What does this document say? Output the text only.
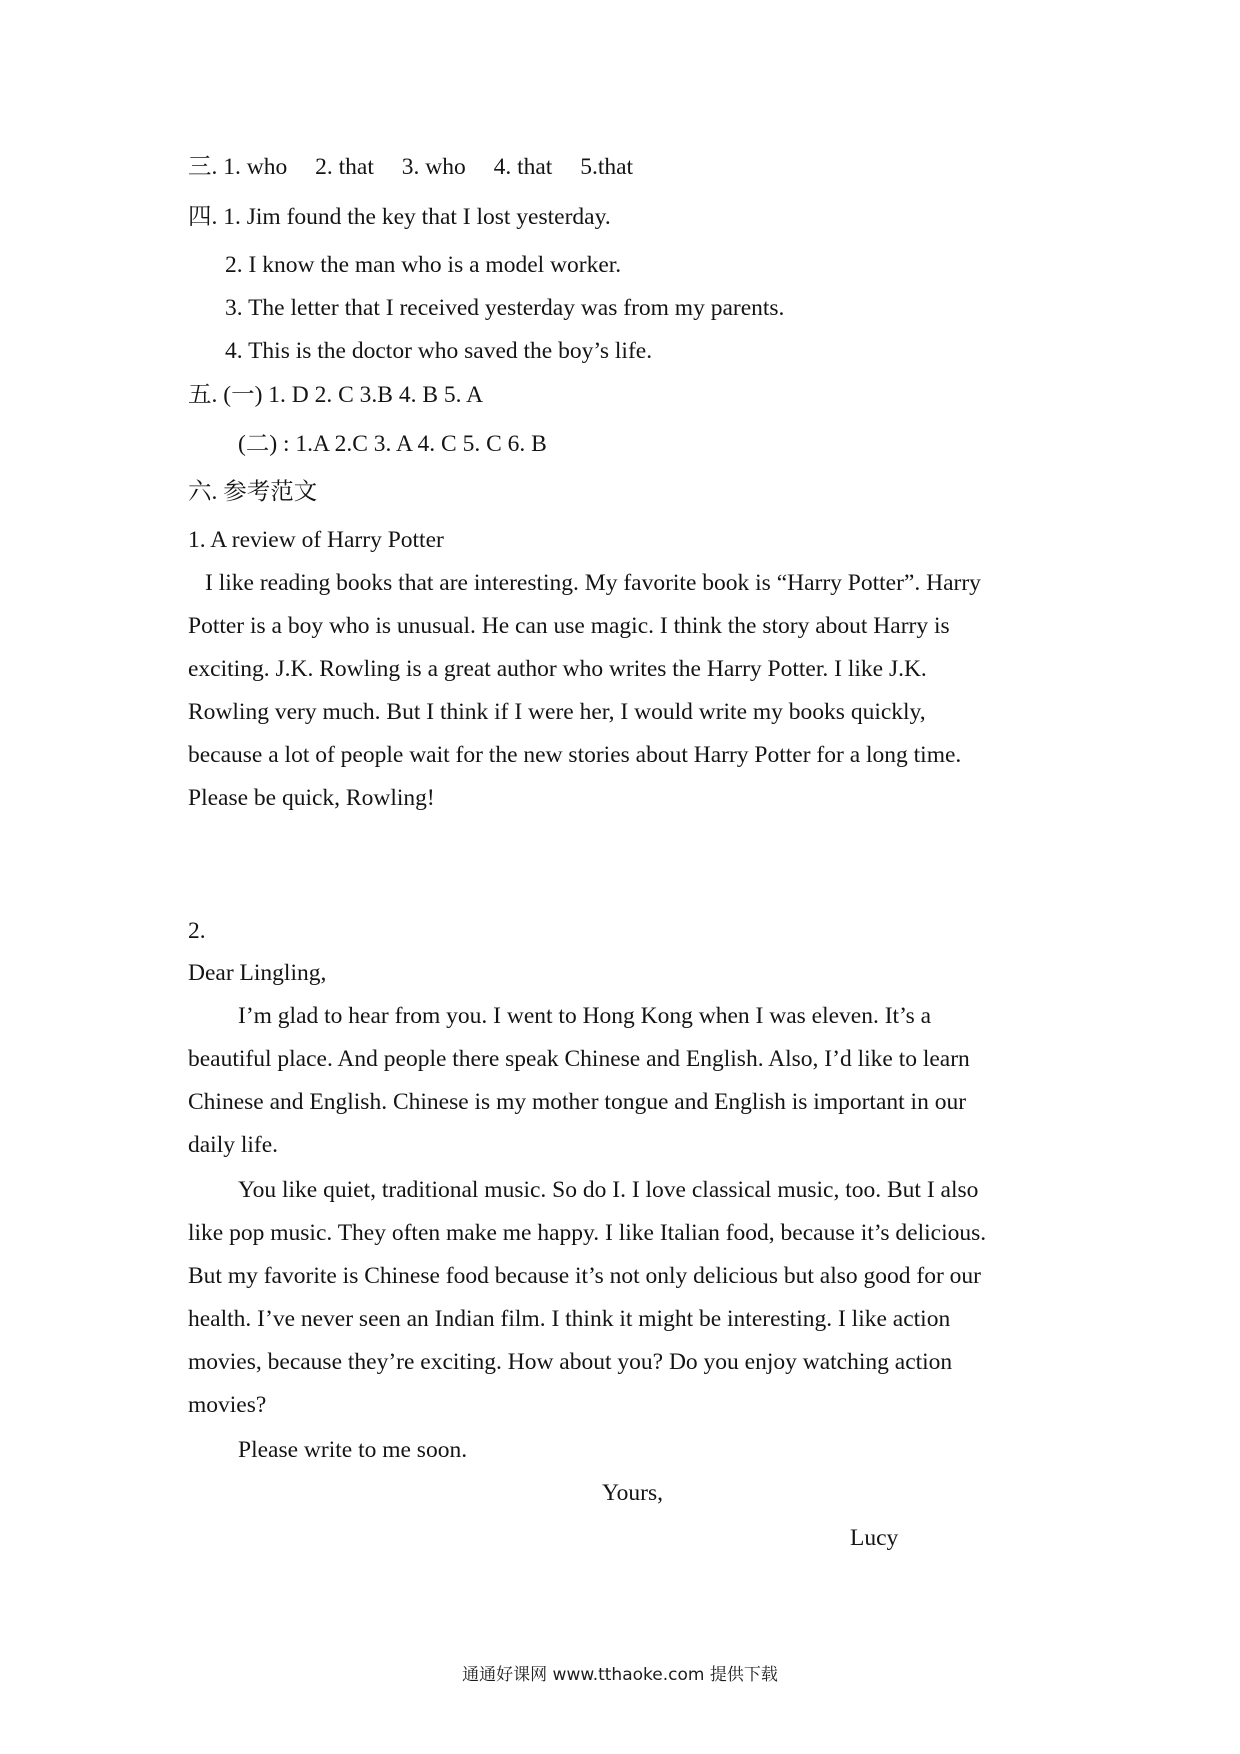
三. 1. who 2. that 3. who 4. that 5.that
四. 1. Jim found the key that I lost yesterday.
2. I know the man who is a model worker.
3. The letter that I received yesterday was from my parents.
4. This is the doctor who saved the boy’s life.
五. (一) 1. D 2. C 3.B 4. B 5. A
(二) : 1.A 2.C 3. A 4. C 5. C 6. B
六. 参考范文
1. A review of Harry Potter
I like reading books that are interesting. My favorite book is “Harry Potter”. Harry
Potter is a boy who is unusual. He can use magic. I think the story about Harry is
exciting. J.K. Rowling is a great author who writes the Harry Potter. I like J.K.
Rowling very much. But I think if I were her, I would write my books quickly,
because a lot of people wait for the new stories about Harry Potter for a long time.
Please be quick, Rowling!
2.
Dear Lingling,
I’m glad to hear from you. I went to Hong Kong when I was eleven. It’s a
beautiful place. And people there speak Chinese and English. Also, I’d like to learn
Chinese and English. Chinese is my mother tongue and English is important in our
daily life.
You like quiet, traditional music. So do I. I love classical music, too. But I also
like pop music. They often make me happy. I like Italian food, because it’s delicious.
But my favorite is Chinese food because it’s not only delicious but also good for our
health. I’ve never seen an Indian film. I think it might be interesting. I like action
movies, because they’re exciting. How about you? Do you enjoy watching action
movies?
Please write to me soon.
Yours,
Lucy
通通好课网 www.tthaoke.com 提供下载
